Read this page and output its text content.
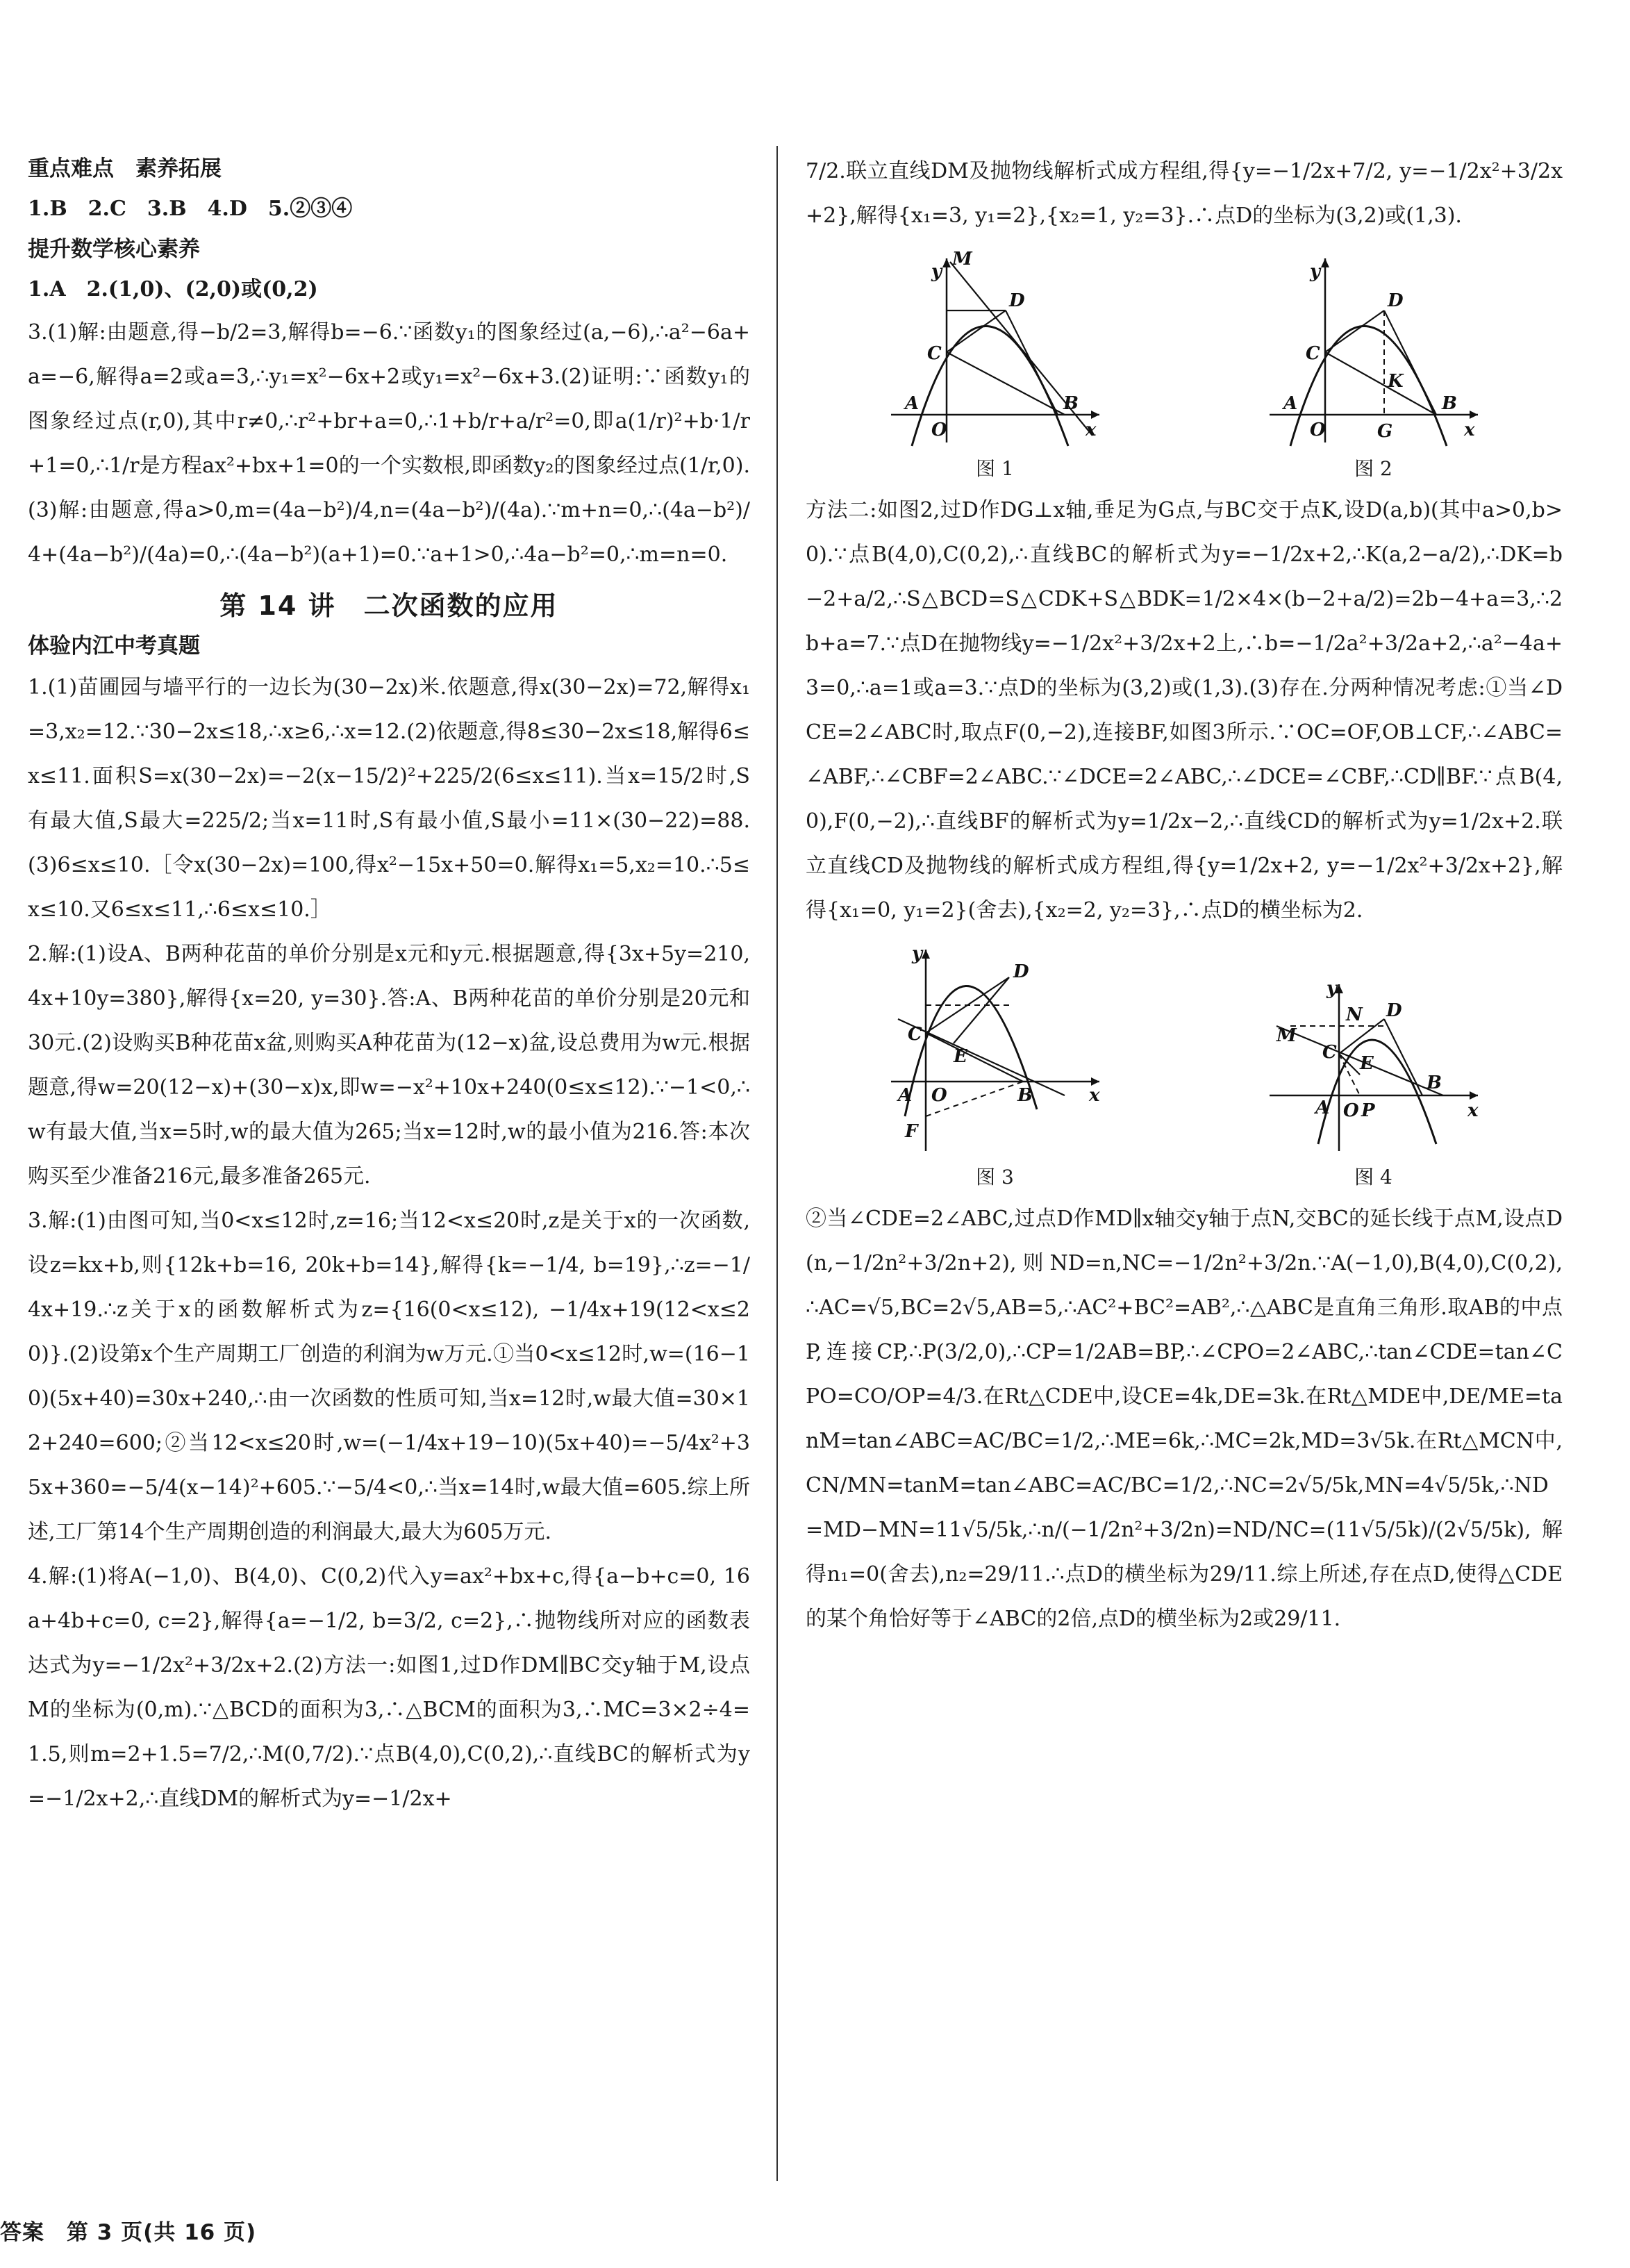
重点难点　素养拓展

1.B　2.C　3.B　4.D　5.②③④

提升数学核心素养

1.A　2.(1,0)、(2,0)或(0,2)

3.(1)解:由题意,得−b/2=3,解得b=−6.∵函数y₁的图象经过(a,−6),∴a²−6a+a=−6,解得a=2或a=3,∴y₁=x²−6x+2或y₁=x²−6x+3.(2)证明:∵函数y₁的图象经过点(r,0),其中r≠0,∴r²+br+a=0,∴1+b/r+a/r²=0,即a(1/r)²+b·1/r+1=0,∴1/r是方程ax²+bx+1=0的一个实数根,即函数y₂的图象经过点(1/r,0).(3)解:由题意,得a>0,m=(4a−b²)/4,n=(4a−b²)/(4a).∵m+n=0,∴(4a−b²)/4+(4a−b²)/(4a)=0,∴(4a−b²)(a+1)=0.∵a+1>0,∴4a−b²=0,∴m=n=0.

第 14 讲　二次函数的应用

体验内江中考真题

1.(1)苗圃园与墙平行的一边长为(30−2x)米.依题意,得x(30−2x)=72,解得x₁=3,x₂=12.∵30−2x≤18,∴x≥6,∴x=12.(2)依题意,得8≤30−2x≤18,解得6≤x≤11.面积S=x(30−2x)=−2(x−15/2)²+225/2(6≤x≤11).当x=15/2时,S有最大值,S最大=225/2;当x=11时,S有最小值,S最小=11×(30−22)=88.(3)6≤x≤10.［令x(30−2x)=100,得x²−15x+50=0.解得x₁=5,x₂=10.∴5≤x≤10.又6≤x≤11,∴6≤x≤10.］

2.解:(1)设A、B两种花苗的单价分别是x元和y元.根据题意,得{3x+5y=210, 4x+10y=380},解得{x=20, y=30}.答:A、B两种花苗的单价分别是20元和30元.(2)设购买B种花苗x盆,则购买A种花苗为(12−x)盆,设总费用为w元.根据题意,得w=20(12−x)+(30−x)x,即w=−x²+10x+240(0≤x≤12).∵−1<0,∴w有最大值,当x=5时,w的最大值为265;当x=12时,w的最小值为216.答:本次购买至少准备216元,最多准备265元.

3.解:(1)由图可知,当0<x≤12时,z=16;当12<x≤20时,z是关于x的一次函数,设z=kx+b,则{12k+b=16, 20k+b=14},解得{k=−1/4, b=19},∴z=−1/4x+19.∴z关于x的函数解析式为z={16(0<x≤12), −1/4x+19(12<x≤20)}.(2)设第x个生产周期工厂创造的利润为w万元.①当0<x≤12时,w=(16−10)(5x+40)=30x+240,∴由一次函数的性质可知,当x=12时,w最大值=30×12+240=600;②当12<x≤20时,w=(−1/4x+19−10)(5x+40)=−5/4x²+35x+360=−5/4(x−14)²+605.∵−5/4<0,∴当x=14时,w最大值=605.综上所述,工厂第14个生产周期创造的利润最大,最大为605万元.

4.解:(1)将A(−1,0)、B(4,0)、C(0,2)代入y=ax²+bx+c,得{a−b+c=0, 16a+4b+c=0, c=2},解得{a=−1/2, b=3/2, c=2},∴抛物线所对应的函数表达式为y=−1/2x²+3/2x+2.(2)方法一:如图1,过D作DM∥BC交y轴于M,设点M的坐标为(0,m).∵△BCD的面积为3,∴△BCM的面积为3,∴MC=3×2÷4=1.5,则m=2+1.5=7/2,∴M(0,7/2).∵点B(4,0),C(0,2),∴直线BC的解析式为y=−1/2x+2,∴直线DM的解析式为y=−1/2x+

7/2.联立直线DM及抛物线解析式成方程组,得{y=−1/2x+7/2, y=−1/2x²+3/2x+2},解得{x₁=3, y₁=2},{x₂=1, y₂=3}.∴点D的坐标为(3,2)或(1,3).

M
y
D
C
A
O
B
x
图 1
y
D
C
K
A
O	G
B
x
图 2

方法二:如图2,过D作DG⊥x轴,垂足为G点,与BC交于点K,设D(a,b)(其中a>0,b>0).∵点B(4,0),C(0,2),∴直线BC的解析式为y=−1/2x+2,∴K(a,2−a/2),∴DK=b−2+a/2,∴S△BCD=S△CDK+S△BDK=1/2×4×(b−2+a/2)=2b−4+a=3,∴2b+a=7.∵点D在抛物线y=−1/2x²+3/2x+2上,∴b=−1/2a²+3/2a+2,∴a²−4a+3=0,∴a=1或a=3.∵点D的坐标为(3,2)或(1,3).(3)存在.分两种情况考虑:①当∠DCE=2∠ABC时,取点F(0,−2),连接BF,如图3所示.∵OC=OF,OB⊥CF,∴∠ABC=∠ABF,∴∠CBF=2∠ABC.∵∠DCE=2∠ABC,∴∠DCE=∠CBF,∴CD∥BF.∵点B(4,0),F(0,−2),∴直线BF的解析式为y=1/2x−2,∴直线CD的解析式为y=1/2x+2.联立直线CD及抛物线的解析式成方程组,得{y=1/2x+2, y=−1/2x²+3/2x+2},解得{x₁=0, y₁=2}(舍去),{x₂=2, y₂=3},∴点D的横坐标为2.

y
D
C
E
A O	B
F
x
图 3
y
N D
M
C
E
A O P
B
x
图 4

②当∠CDE=2∠ABC,过点D作MD∥x轴交y轴于点N,交BC的延长线于点M,设点D(n,−1/2n²+3/2n+2),则ND=n,NC=−1/2n²+3/2n.∵A(−1,0),B(4,0),C(0,2),∴AC=√5,BC=2√5,AB=5,∴AC²+BC²=AB²,∴△ABC是直角三角形.取AB的中点P,连接CP,∴P(3/2,0),∴CP=1/2AB=BP,∴∠CPO=2∠ABC,∴tan∠CDE=tan∠CPO=CO/OP=4/3.在Rt△CDE中,设CE=4k,DE=3k.在Rt△MDE中,DE/ME=tanM=tan∠ABC=AC/BC=1/2,∴ME=6k,∴MC=2k,MD=3√5k.在Rt△MCN中,CN/MN=tanM=tan∠ABC=AC/BC=1/2,∴NC=2√5/5k,MN=4√5/5k,∴ND=MD−MN=11√5/5k,∴n/(−1/2n²+3/2n)=ND/NC=(11√5/5k)/(2√5/5k),解得n₁=0(舍去),n₂=29/11.∴点D的横坐标为29/11.综上所述,存在点D,使得△CDE的某个角恰好等于∠ABC的2倍,点D的横坐标为2或29/11.

答案　第 3 页(共 16 页)
